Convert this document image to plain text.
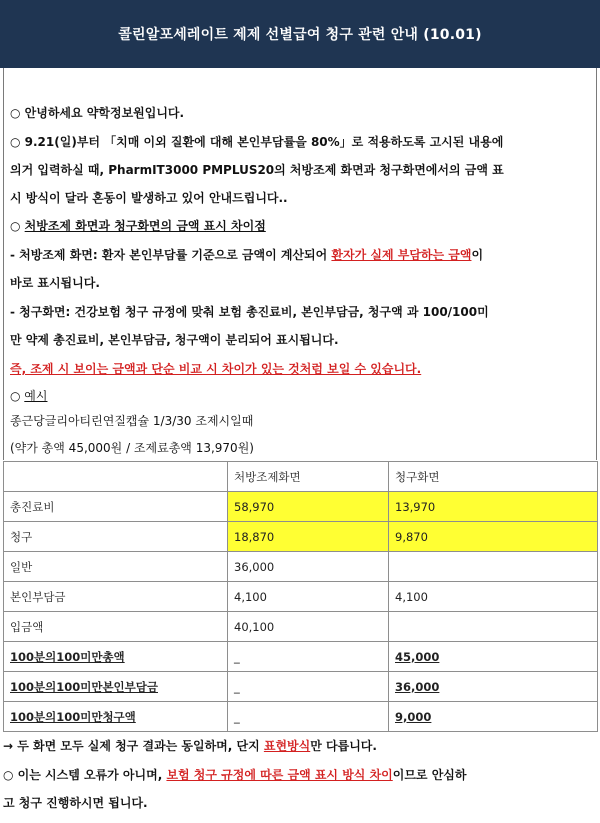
콜린알포세레이트 제제 선별급여 청구 관련 안내 (10.01)
○ 안녕하세요 약학정보원입니다.
○ 9.21(일)부터 「치매 이외 질환에 대해 본인부담률을 80%」로 적용하도록 고시된 내용에
의거 입력하실 때, PharmIT3000 PMPLUS20의 처방조제 화면과 청구화면에서의 금액 표
시 방식이 달라 혼동이 발생하고 있어 안내드립니다..
○ 처방조제 화면과 청구화면의 금액 표시 차이점
- 처방조제 화면: 환자 본인부담률 기준으로 금액이 계산되어 환자가 실제 부담하는 금액이
바로 표시됩니다.
- 청구화면: 건강보험 청구 규정에 맞춰 보험 총진료비, 본인부담금, 청구액 과 100/100미
만 약제 총진료비, 본인부담금, 청구액이 분리되어 표시됩니다.
즉, 조제 시 보이는 금액과 단순 비교 시 차이가 있는 것처럼 보일 수 있습니다.
○ 예시
종근당글리아티린연질캡슐 1/3/30 조제시일때
(약가 총액 45,000원 / 조제료총액 13,970원)
	처방조제화면	청구화면
총진료비	58,970	13,970
청구	18,870	9,870
일반	36,000	
본인부담금	4,100	4,100
입금액	40,100	
100분의100미만총액	_	45,000
100분의100미만본인부담금	_	36,000
100분의100미만청구액	_	9,000
→ 두 화면 모두 실제 청구 결과는 동일하며, 단지 표현방식만 다릅니다.
○ 이는 시스템 오류가 아니며, 보험 청구 규정에 따른 금액 표시 방식 차이이므로 안심하
고 청구 진행하시면 됩니다.
